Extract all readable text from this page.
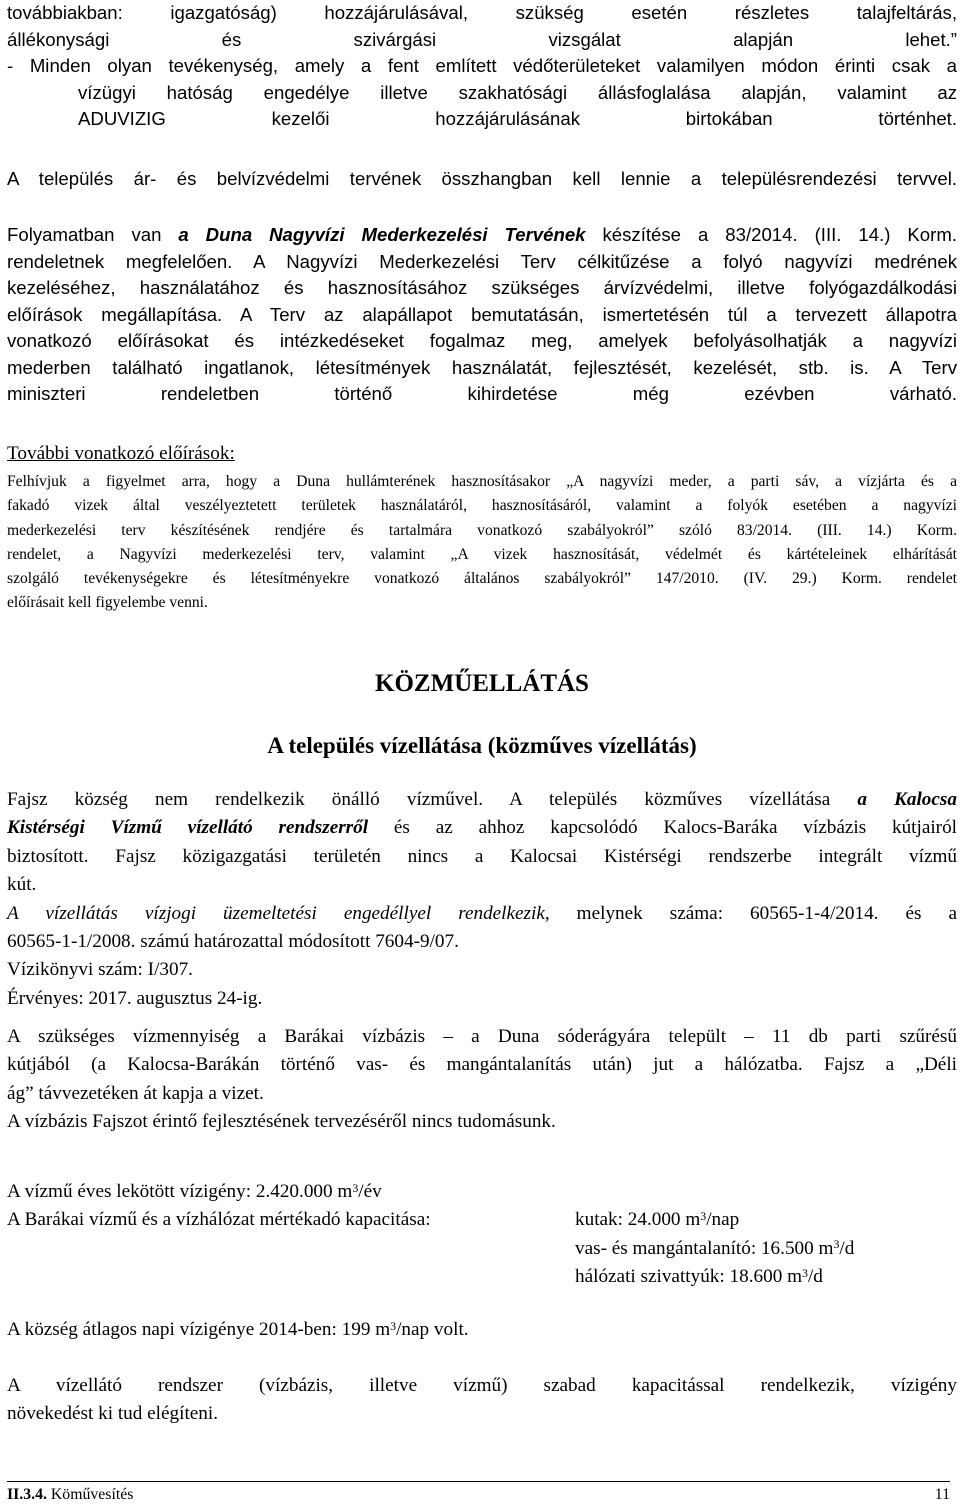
továbbiakban: igazgatóság) hozzájárulásával, szükség esetén részletes talajfeltárás,
állékonysági és szivárgási vizsgálat alapján lehet.”
- Minden olyan tevékenység, amely a fent említett védőterületeket valamilyen módon érinti csak a
vízügyi hatóság engedélye illetve szakhatósági állásfoglalása alapján, valamint az
ADUVIZIG kezelői hozzájárulásának birtokában történhet.
A település ár- és belvízvédelmi tervének összhangban kell lennie a településrendezési tervvel.
Folyamatban van a Duna Nagyvízi Mederkezelési Tervének készítése a 83/2014. (III. 14.) Korm.
rendeletnek megfelelően. A Nagyvízi Mederkezelési Terv célkitűzése a folyó nagyvízi medrének
kezeléséhez, használatához és hasznosításához szükséges árvízvédelmi, illetve folyógazdálkodási
előírások megállapítása. A Terv az alapállapot bemutatásán, ismertetésén túl a tervezett állapotra
vonatkozó előírásokat és intézkedéseket fogalmaz meg, amelyek befolyásolhatják a nagyvízi
mederben található ingatlanok, létesítmények használatát, fejlesztését, kezelését, stb. is. A Terv
miniszteri rendeletben történő kihirdetése még ezévben várható.
További vonatkozó előírások:
Felhívjuk a figyelmet arra, hogy a Duna hullámterének hasznosításakor „A nagyvízi meder, a parti sáv, a vízjárta és a
fakadó vizek által veszélyeztetett területek használatáról, hasznosításáról, valamint a folyók esetében a nagyvízi
mederkezelési terv készítésének rendjére és tartalmára vonatkozó szabályokról” szóló 83/2014. (III. 14.) Korm.
rendelet, a Nagyvízi mederkezelési terv, valamint „A vizek hasznosítását, védelmét és kártételeinek elhárítását
szolgáló tevékenységekre és létesítményekre vonatkozó általános szabályokról” 147/2010. (IV. 29.) Korm. rendelet
előírásait kell figyelembe venni.
KÖZMŰELLÁTÁS
A település vízellátása (közműves vízellátás)
Fajsz község nem rendelkezik önálló vízművel. A település közműves vízellátása a Kalocsa
Kistérségi Vízmű vízellátó rendszerről és az ahhoz kapcsolódó Kalocs-Baráka vízbázis kútjairól
biztosított. Fajsz közigazgatási területén nincs a Kalocsai Kistérségi rendszerbe integrált vízmű
kút.
A vízellátás vízjogi üzemeltetési engedéllyel rendelkezik, melynek száma: 60565-1-4/2014. és a
60565-1-1/2008. számú határozattal módosított 7604-9/07.
Vízikönyvi szám: I/307.
Érvényes: 2017. augusztus 24-ig.
A szükséges vízmennyiség a Barákai vízbázis – a Duna sóderágyára települt – 11 db parti szűrésű
kútjából (a Kalocsa-Barákán történő vas- és mangántalanítás után) jut a hálózatba. Fajsz a „Déli
ág” távvezetéken át kapja a vizet.
A vízbázis Fajszot érintő fejlesztésének tervezéséről nincs tudomásunk.
A vízmű éves lekötött vízigény: 2.420.000 $m^3/év$
A Barákai vízmű és a vízhálózat mértékadó kapacitása:	kutak: 24.000 $m^3$/nap
vas- és mangántalanító: 16.500 $m^3/d$
hálózati szivattyúk: 18.600 $m^3/d$
A község átlagos napi vízigénye 2014-ben: 199 $m^3$/nap volt.
A vízellátó rendszer (vízbázis, illetve vízmű) szabad kapacitással rendelkezik, vízigény
növekedést ki tud elégíteni.
II.3.4. Köművesítés	11
